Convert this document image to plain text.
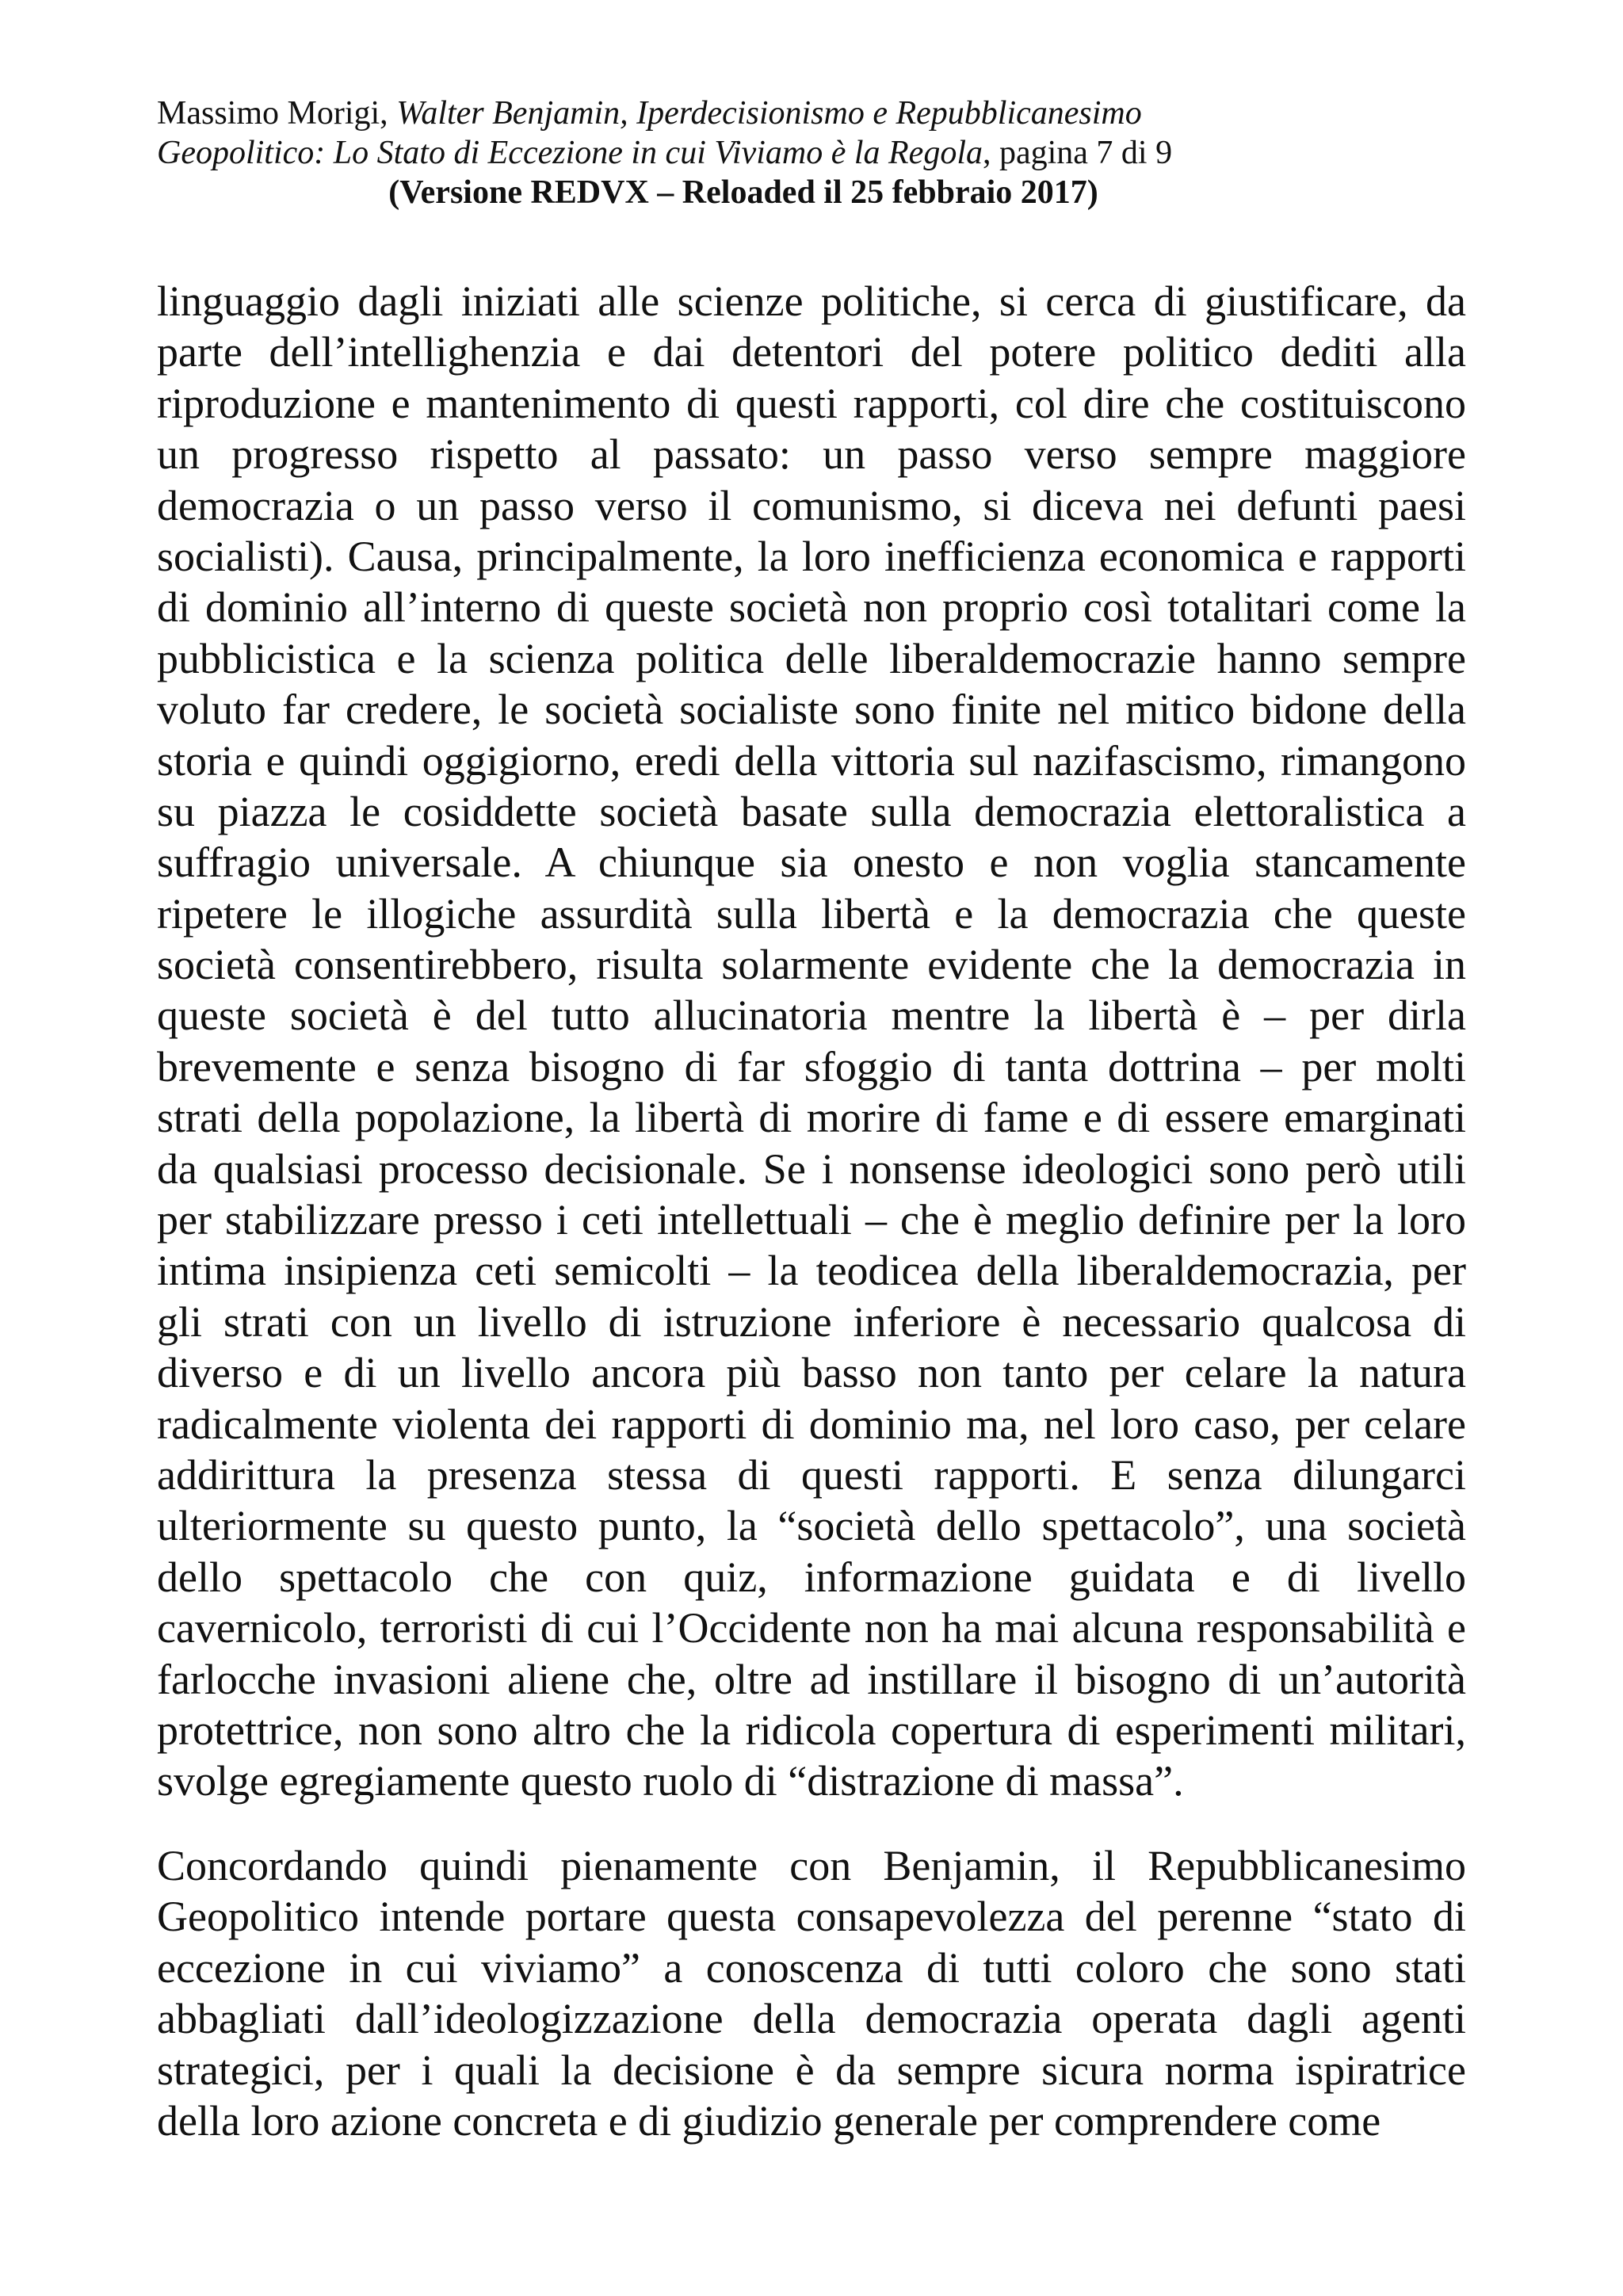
Massimo Morigi, Walter Benjamin, Iperdecisionismo e Repubblicanesimo
Geopolitico: Lo Stato di Eccezione in cui Viviamo è la Regola, pagina 7 di 9
(Versione REDVX – Reloaded il 25 febbraio 2017)
linguaggio dagli iniziati alle scienze politiche, si cerca di giustificare, da
parte dell’intellighenzia e dai detentori del potere politico dediti alla
riproduzione e mantenimento di questi rapporti, col dire che costituiscono
un progresso rispetto al passato: un passo verso sempre maggiore
democrazia o un passo verso il comunismo, si diceva nei defunti paesi
socialisti). Causa, principalmente, la loro inefficienza economica e rapporti
di dominio all’interno di queste società non proprio così totalitari come la
pubblicistica e la scienza politica delle liberaldemocrazie hanno sempre
voluto far credere, le società socialiste sono finite nel mitico bidone della
storia e quindi oggigiorno, eredi della vittoria sul nazifascismo, rimangono
su piazza le cosiddette società basate sulla democrazia elettoralistica a
suffragio universale. A chiunque sia onesto e non voglia stancamente
ripetere le illogiche assurdità sulla libertà e la democrazia che queste
società consentirebbero, risulta solarmente evidente che la democrazia in
queste società è del tutto allucinatoria mentre la libertà è – per dirla
brevemente e senza bisogno di far sfoggio di tanta dottrina – per molti
strati della popolazione, la libertà di morire di fame e di essere emarginati
da qualsiasi processo decisionale. Se i nonsense ideologici sono però utili
per stabilizzare presso i ceti intellettuali – che è meglio definire per la loro
intima insipienza ceti semicolti – la teodicea della liberaldemocrazia, per
gli strati con un livello di istruzione inferiore è necessario qualcosa di
diverso e di un livello ancora più basso non tanto per celare la natura
radicalmente violenta dei rapporti di dominio ma, nel loro caso, per celare
addirittura la presenza stessa di questi rapporti. E senza dilungarci
ulteriormente su questo punto, la “società dello spettacolo”, una società
dello spettacolo che con quiz, informazione guidata e di livello
cavernicolo, terroristi di cui l’Occidente non ha mai alcuna responsabilità e
farlocche invasioni aliene che, oltre ad instillare il bisogno di un’autorità
protettrice, non sono altro che la ridicola copertura di esperimenti militari,
svolge egregiamente questo ruolo di “distrazione di massa”.
Concordando quindi pienamente con Benjamin, il Repubblicanesimo
Geopolitico intende portare questa consapevolezza del perenne “stato di
eccezione in cui viviamo” a conoscenza di tutti coloro che sono stati
abbagliati dall’ideologizzazione della democrazia operata dagli agenti
strategici, per i quali la decisione è da sempre sicura norma ispiratrice
della loro azione concreta e di giudizio generale per comprendere come
